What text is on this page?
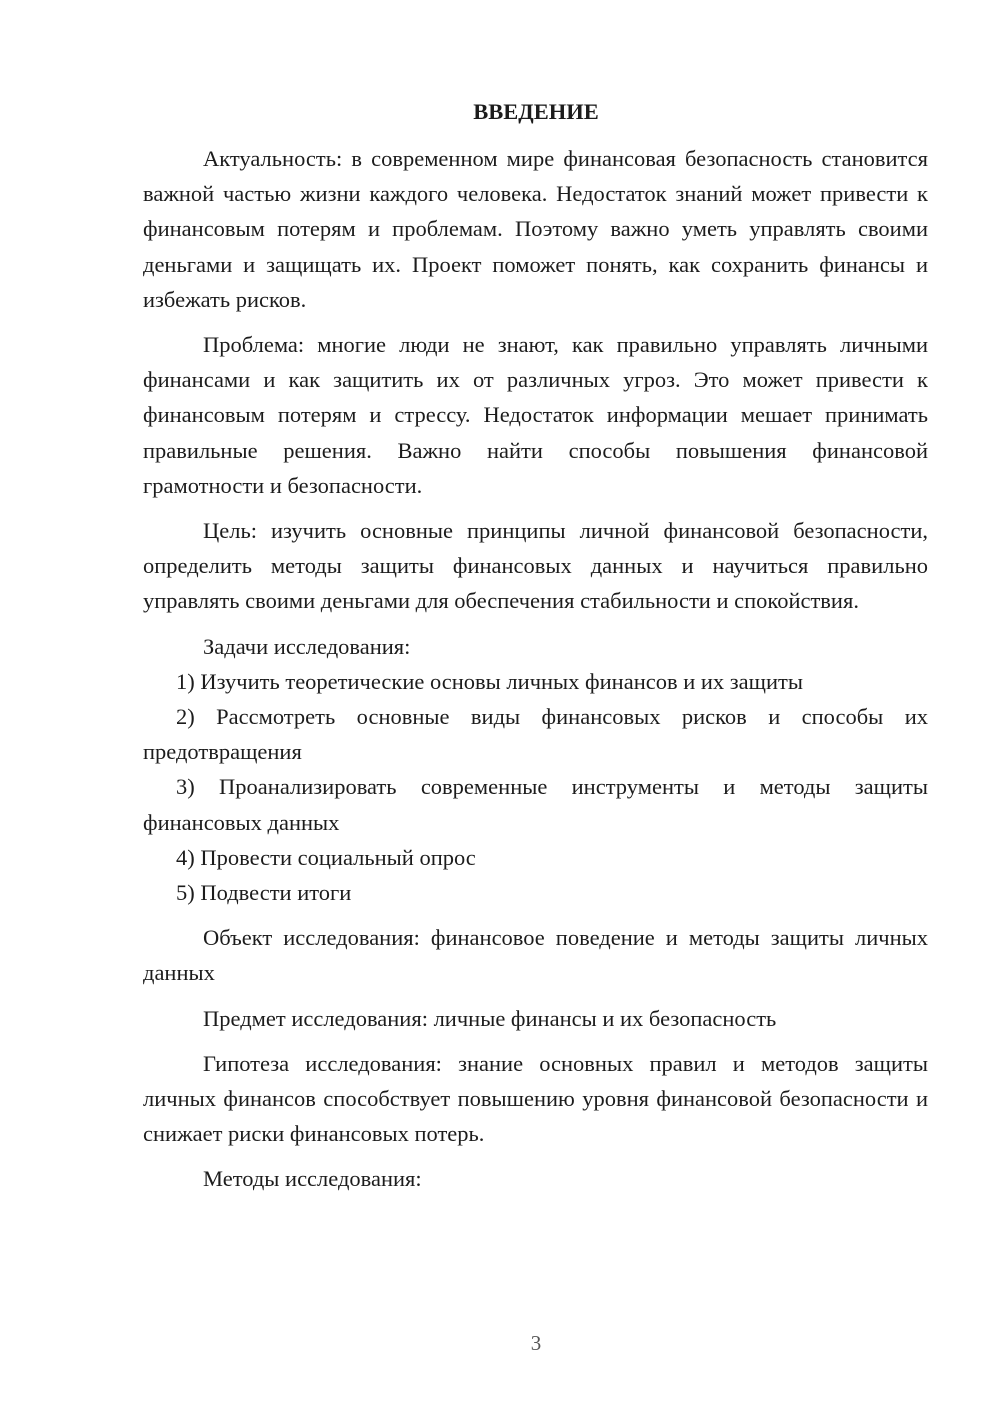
ВВЕДЕНИЕ

Актуальность: в современном мире финансовая безопасность становится важной частью жизни каждого человека. Недостаток знаний может привести к финансовым потерям и проблемам. Поэтому важно уметь управлять своими деньгами и защищать их. Проект поможет понять, как сохранить финансы и избежать рисков.

Проблема: многие люди не знают, как правильно управлять личными финансами и как защитить их от различных угроз. Это может привести к финансовым потерям и стрессу. Недостаток информации мешает принимать правильные решения. Важно найти способы повышения финансовой грамотности и безопасности.

Цель: изучить основные принципы личной финансовой безопасности, определить методы защиты финансовых данных и научиться правильно управлять своими деньгами для обеспечения стабильности и спокойствия.

Задачи исследования:

1) Изучить теоретические основы личных финансов и их защиты

2) Рассмотреть основные виды финансовых рисков и способы их предотвращения

3) Проанализировать современные инструменты и методы защиты финансовых данных

4) Провести социальный опрос

5) Подвести итоги

Объект исследования: финансовое поведение и методы защиты личных данных

Предмет исследования: личные финансы и их безопасность

Гипотеза исследования: знание основных правил и методов защиты личных финансов способствует повышению уровня финансовой безопасности и снижает риски финансовых потерь.

Методы исследования:

3
